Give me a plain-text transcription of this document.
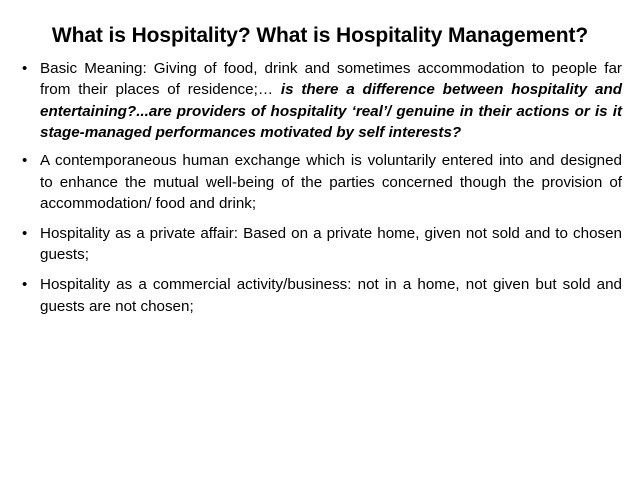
What is Hospitality? What is Hospitality Management?
• Basic Meaning: Giving of food, drink and sometimes accommodation to people far from their places of residence;… is there a difference between hospitality and entertaining?...are providers of hospitality ‘real’/ genuine in their actions or is it stage-managed performances motivated by self interests?
• A contemporaneous human exchange which is voluntarily entered into and designed to enhance the mutual well-being of the parties concerned though the provision of accommodation/ food and drink;
• Hospitality as a private affair: Based on a private home, given not sold and to chosen guests;
• Hospitality as a commercial activity/business: not in a home, not given but sold and guests are not chosen;
